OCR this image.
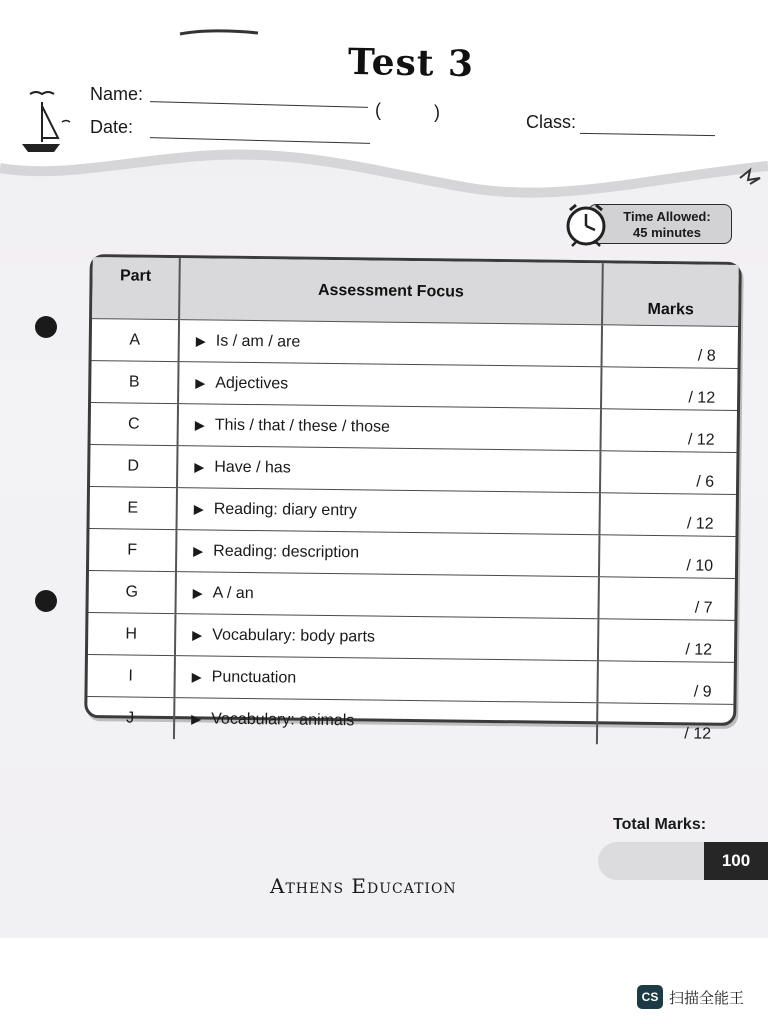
Test 3
Name:
(	)
Date:	Class:
Time Allowed:
45 minutes
Part	Assessment Focus	Marks
A	▶ Is / am / are	/ 8
B	▶ Adjectives	/ 12
C	▶ This / that / these / those	/ 12
D	▶ Have / has	/ 6
E	▶ Reading: diary entry	/ 12
F	▶ Reading: description	/ 10
G	▶ A / an	/ 7
H	▶ Vocabulary: body parts	/ 12
I	▶ Punctuation	/ 9
J	▶ Vocabulary: animals	/ 12
Total Marks:
100
Athens Education
CS 扫描全能王
